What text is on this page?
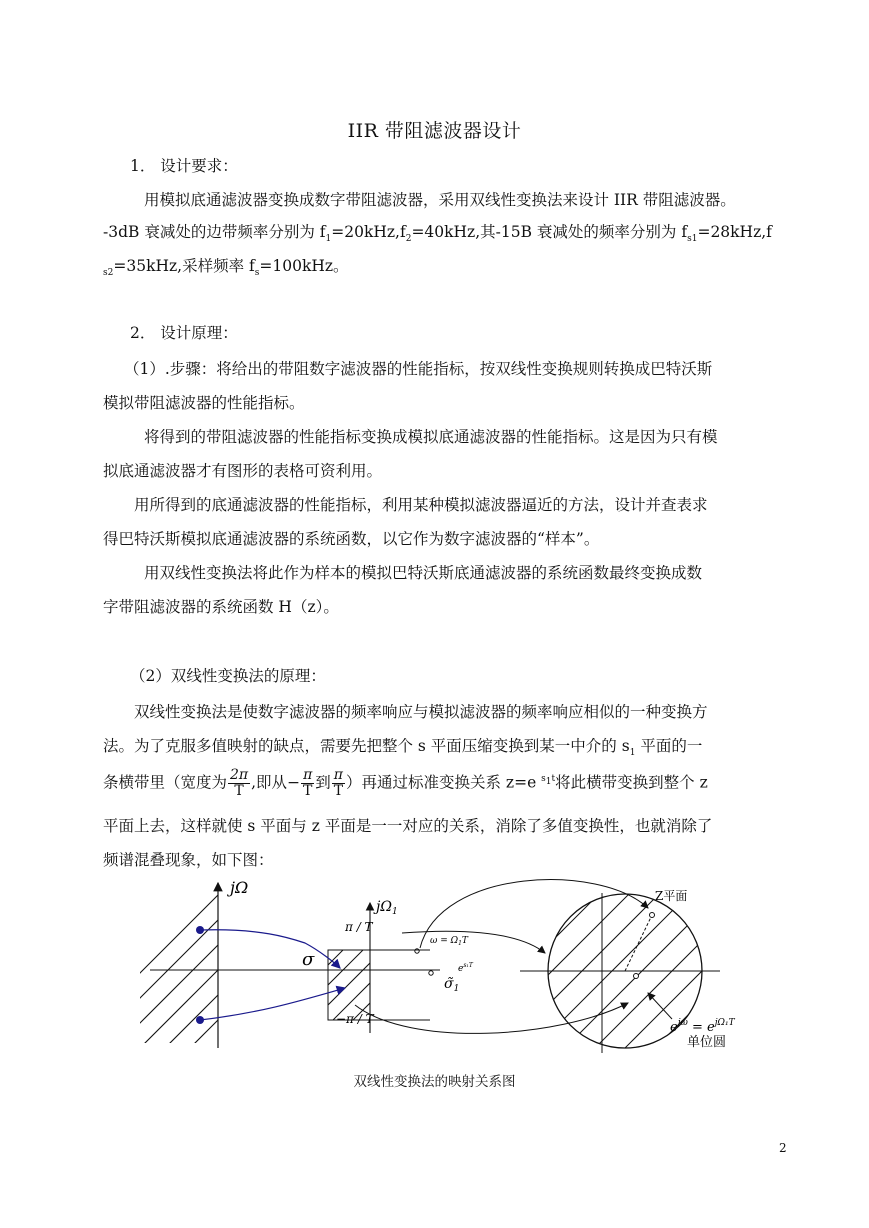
IIR 带阻滤波器设计
1． 设计要求：
用模拟底通滤波器变换成数字带阻滤波器，采用双线性变换法来设计 IIR 带阻滤波器。
-3dB 衰减处的边带频率分别为 $f_1=20kHz,f_2=40kHz$,其-15B 衰减处的频率分别为 $f_{s1}=28kHz,f$
$_{s2}$=35kHz,采样频率 $f_s=100kHz$。
2． 设计原理：
（1）.步骤：将给出的带阻数字滤波器的性能指标，按双线性变换规则转换成巴特沃斯
模拟带阻滤波器的性能指标。
将得到的带阻滤波器的性能指标变换成模拟底通滤波器的性能指标。这是因为只有模
拟底通滤波器才有图形的表格可资利用。
用所得到的底通滤波器的性能指标，利用某种模拟滤波器逼近的方法，设计并查表求
得巴特沃斯模拟底通滤波器的系统函数，以它作为数字滤波器的“样本”。
用双线性变换法将此作为样本的模拟巴特沃斯底通滤波器的系统函数最终变换成数
字带阻滤波器的系统函数 H（z）。
（2）双线性变换法的原理：
双线性变换法是使数字滤波器的频率响应与模拟滤波器的频率响应相似的一种变换方
法。为了克服多值映射的缺点，需要先把整个 s 平面压缩变换到某一中介的 $s_1$ 平面的一
条横带里（宽度为 $\frac{2\pi}{T}$ ,即从− $\frac{\pi}{T}$ 到 $\frac{\pi}{T}$ ）再通过标准变换关系 z=e $^{s_1t}$将此横带变换到整个 z
平面上去，这样就使 s 平面与 z 平面是一一对应的关系，消除了多值变换性，也就消除了
频谱混叠现象，如下图：
jΩ
σ
$j\Omega_1$
π / T
−π / T
$\omega = \Omega_1T$
$\sigmã_1$
$e^{s_1T}$
Z平面
$e^{j\omega} = e^{j\Omega_1T}$
单位圆
双线性变换法的映射关系图
2
